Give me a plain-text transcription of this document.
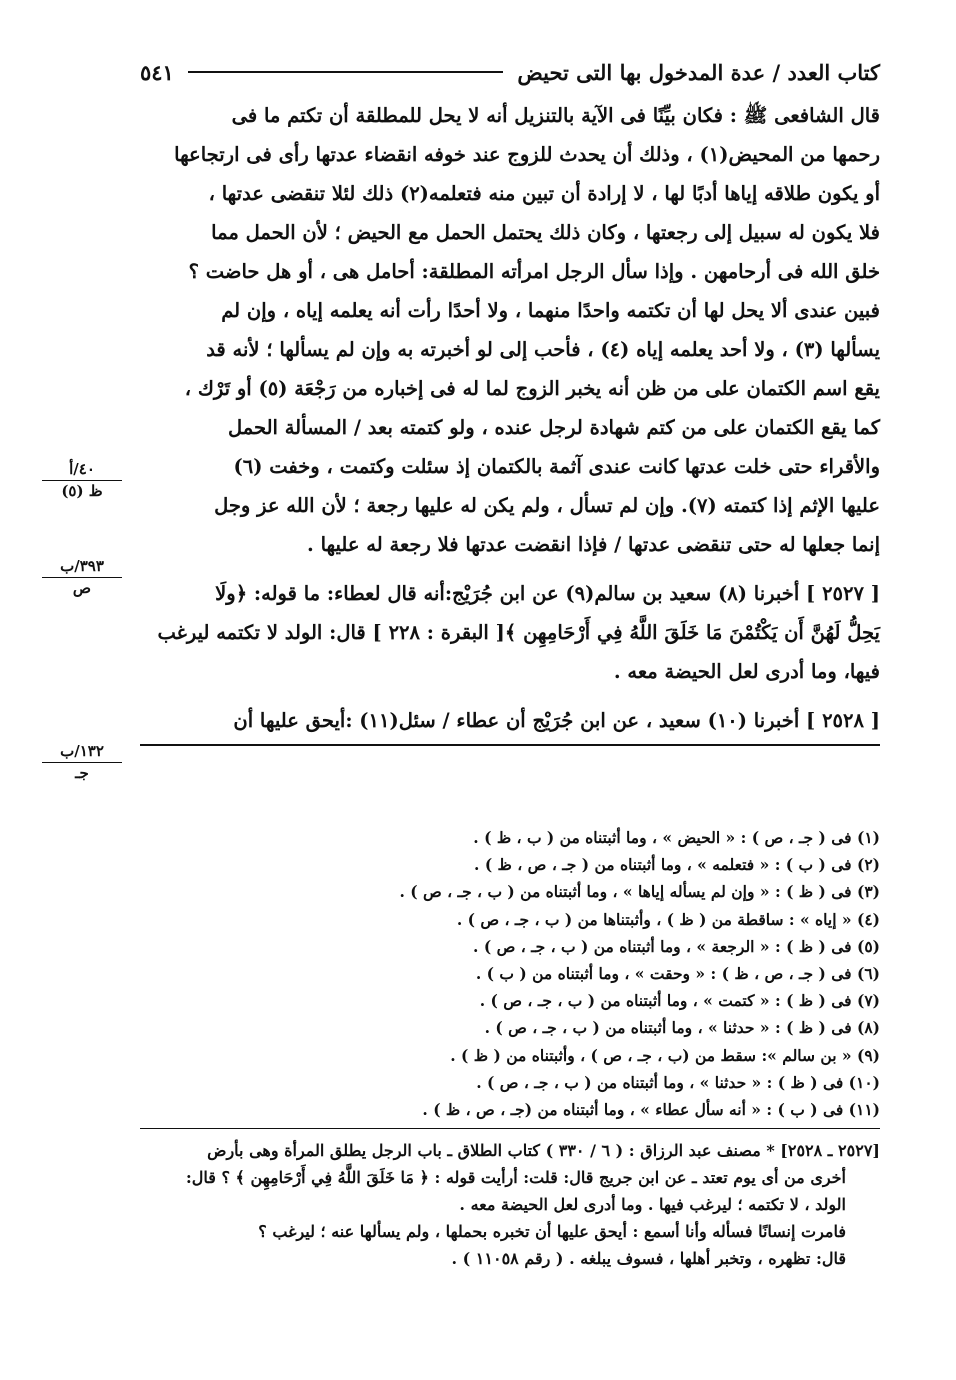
كتاب العدد / عدة المدخول بها التى تحيض
٥٤١
٤٠/أ
ظ (٥)
٣٩٣/ب
ص
١٣٢/ب
جـ

قال الشافعى ﷺ : فكان بيِّنًا فى الآية بالتنزيل أنه لا يحل للمطلقة أن تكتم ما فى

رحمها من المحيض(١) ، وذلك أن يحدث للزوج عند خوفه انقضاء عدتها رأى فى ارتجاعها

أو يكون طلاقه إياها أدبًا لها ، لا إرادة أن تبين منه فتعلمه(٢) ذلك لئلا تنقضى عدتها ،

فلا يكون له سبيل إلى رجعتها ، وكان ذلك يحتمل الحمل مع الحيض ؛ لأن الحمل مما

خلق الله فى أرحامهن . وإذا سأل الرجل امرأته المطلقة: أحامل هى ، أو هل حاضت ؟

فبين عندى ألا يحل لها أن تكتمه واحدًا منهما ، ولا أحدًا رأت أنه يعلمه إياه ، وإن لم

يسألها (٣) ، ولا أحد يعلمه إياه (٤) ، فأحب إلى لو أخبرته به وإن لم يسألها ؛ لأنه قد

يقع اسم الكتمان على من ظن أنه يخبر الزوج لما له فى إخباره من رَجْعَة (٥) أو تَرْك ،

كما يقع الكتمان على من كتم شهادة لرجل عنده ، ولو كتمته بعد / المسألة الحمل

والأقراء حتى خلت عدتها كانت عندى آثمة بالكتمان إذ سئلت وكتمت ، وخفت (٦)

عليها الإثم إذا كتمته (٧). وإن لم تسأل ، ولم يكن له عليها رجعة ؛ لأن الله عز وجل

إنما جعلها له حتى تنقضى عدتها / فإذا انقضت عدتها فلا رجعة له عليها .

[ ٢٥٢٧ ] أخبرنا (٨) سعيد بن سالم(٩) عن ابن جُرَيْج:أنه قال لعطاء: ما قوله: ﴿ولَا

يَحِلُّ لَهُنَّ أَن يَكْتُمْنَ مَا خَلَقَ اللَّهُ فِي أَرْحَامِهِن ﴾[ البقرة : ٢٢٨ ] قال: الولد لا تكتمه ليرغب

فيها، وما أدرى لعل الحيضة معه .

[ ٢٥٢٨ ] أخبرنا (١٠) سعيد ، عن ابن جُرَيْج أن عطاء / سئل(١١) :أيحق عليها أن

(١) فى ( جـ ، ص ) : « الحيض » ، وما أثبتناه من ( ب ، ظ ) .

(٢) فى ( ب ) : « فتعلمه » ، وما أثبتناه من ( جـ ، ص ، ظ ) .

(٣) فى ( ظ ) : « وإن لم يسأله إياها » ، وما أثبتناه من ( ب ، جـ ، ص ) .

(٤) « إياه » : ساقطة من ( ظ ) ، وأثبتناها من ( ب ، جـ ، ص ) .

(٥) فى ( ظ ) : « الرجعة » ، وما أثبتناه من ( ب ، جـ ، ص ) .

(٦) فى ( جـ ، ص ، ظ ) : « وحقت » ، وما أثبتناه من ( ب ) .

(٧) فى ( ظ ) : « كتمت » ، وما أثبتناه من ( ب ، جـ ، ص ) .

(٨) فى ( ظ ) : « حدثنا » ، وما أثبتناه من ( ب ، جـ ، ص ) .

(٩) « بن سالم »: سقط من (ب ، جـ ، ص ) ، وأثبتناه من ( ظ ) .

(١٠) فى ( ظ ) : « حدثنا » ، وما أثبتناه من ( ب ، جـ ، ص ) .

(١١) فى ( ب ) : « أنه سأل عطاء » ، وما أثبتناه من (جـ ، ص ، ظ ) .

[٢٥٢٧ ـ ٢٥٢٨] * مصنف عبد الرزاق : ( ٦ / ٣٣٠ ) كتاب الطلاق ـ باب الرجل يطلق المرأة وهى بأرض

أخرى من أى يوم تعتد ـ عن ابن جريج قال: قلت: أرأيت قوله : ﴿ مَا خَلَقَ اللَّهُ فِي أَرْحَامِهِن ﴾ ؟ قال:

الولد ، لا تكتمه ؛ ليرغب فيها . وما أدرى لعل الحيضة معه .

فامرت إنسانًا فسأله وأنا أسمع : أيحق عليها أن تخبره بحملها ، ولم يسألها عنه ؛ ليرغب ؟

قال: تظهره ، وتخبر أهلها ، فسوف يبلغه . ( رقم ١١٠٥٨ ) .
